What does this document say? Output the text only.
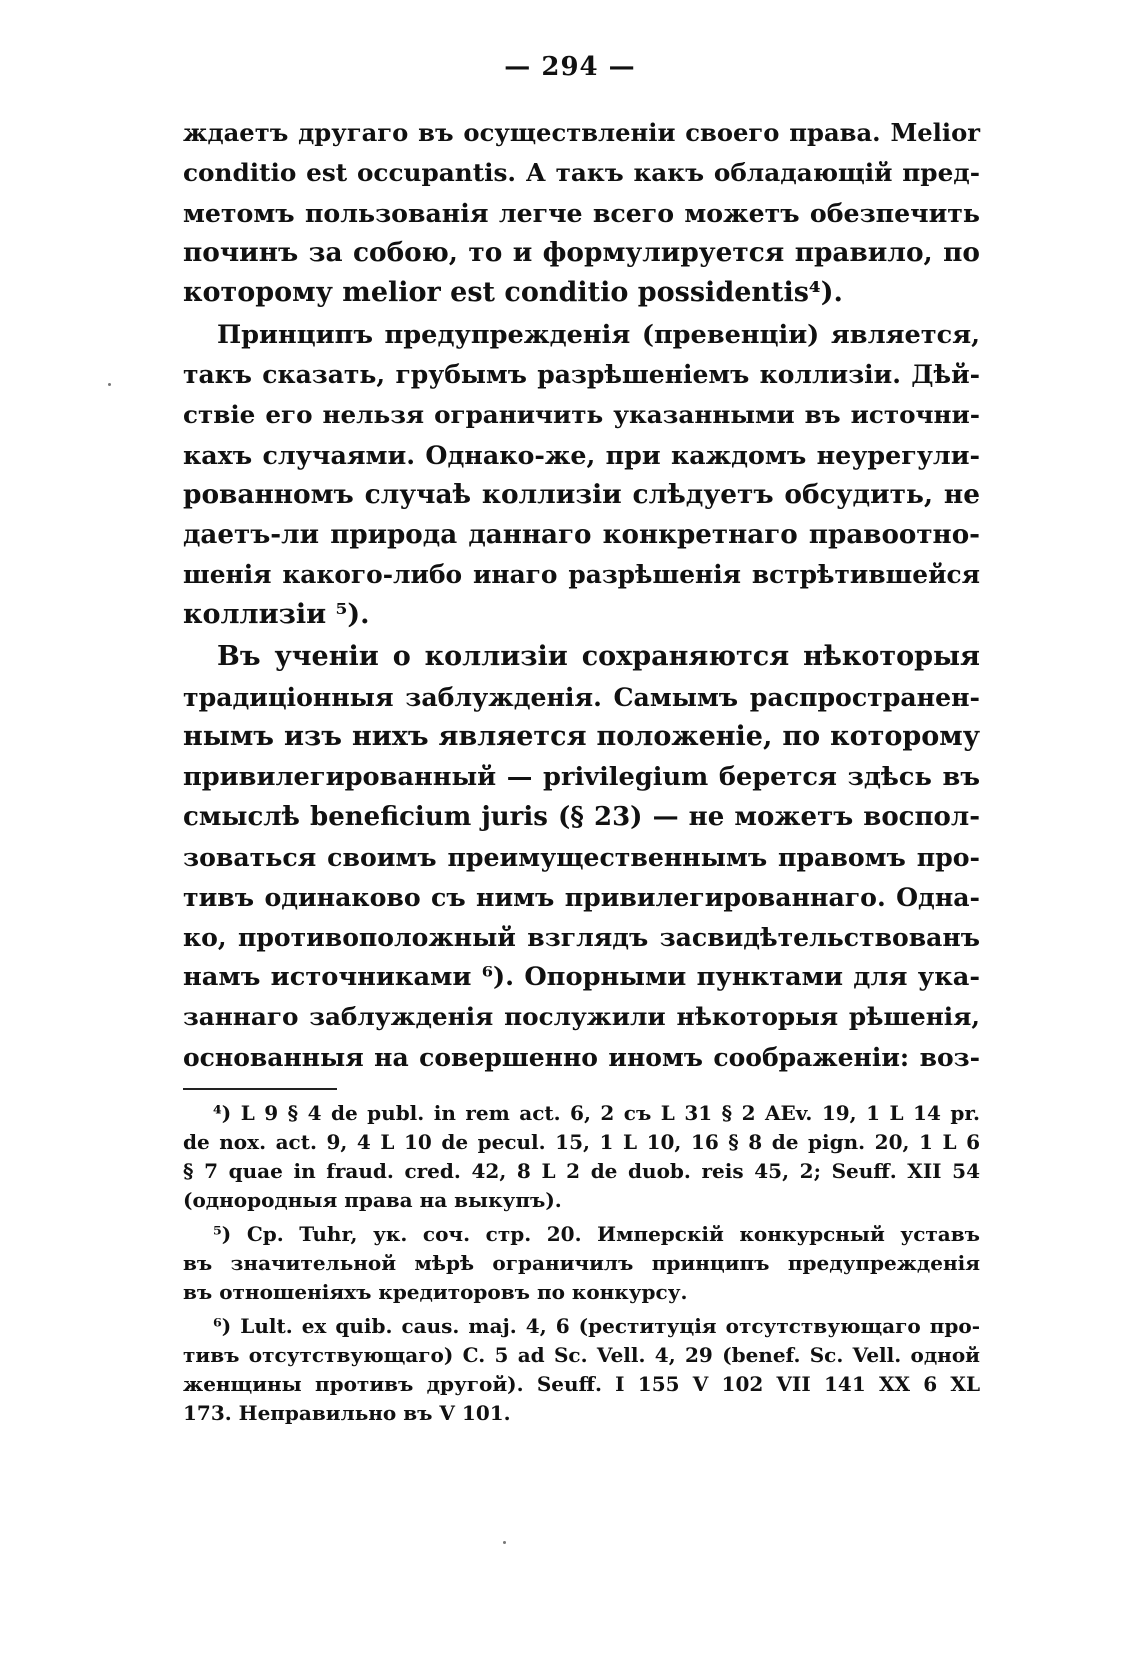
— 294 —
ждаетъ другаго въ осуществленіи своего права. Melior
conditio est occupantis. А такъ какъ обладающій пред-
метомъ пользованія легче всего можетъ обезпечить
починъ за собою, то и формулируется правило, по
которому melior est conditio possidentis⁴).
Принципъ предупрежденія (превенціи) является,
такъ сказать, грубымъ разрѣшеніемъ коллизіи. Дѣй-
ствіе его нельзя ограничить указанными въ источни-
кахъ случаями. Однако-же, при каждомъ неурегули-
рованномъ случаѣ коллизіи слѣдуетъ обсудить, не
даетъ-ли природа даннаго конкретнаго правоотно-
шенія какого-либо инаго разрѣшенія встрѣтившейся
коллизіи ⁵).
Въ ученіи о коллизіи сохраняются нѣкоторыя
традиціонныя заблужденія. Самымъ распространен-
нымъ изъ нихъ является положеніе, по которому
привилегированный — privilegium берется здѣсь въ
смыслѣ beneficium juris (§ 23) — не можетъ воспол-
зоваться своимъ преимущественнымъ правомъ про-
тивъ одинаково съ нимъ привилегированнаго. Одна-
ко, противоположный взглядъ засвидѣтельствованъ
намъ источниками ⁶). Опорными пунктами для ука-
заннаго заблужденія послужили нѣкоторыя рѣшенія,
основанныя на совершенно иномъ соображеніи: воз-
⁴) L 9 § 4 de publ. in rem act. 6, 2 съ L 31 § 2 AEv. 19, 1 L 14 pr.
de nox. act. 9, 4 L 10 de pecul. 15, 1 L 10, 16 § 8 de pign. 20, 1 L 6
§ 7 quae in fraud. cred. 42, 8 L 2 de duob. reis 45, 2; Seuff. XII 54
(однородныя права на выкупъ).
⁵) Ср. Tuhr, ук. соч. стр. 20. Имперскій конкурсный уставъ
въ значительной мѣрѣ ограничилъ принципъ предупрежденія
въ отношеніяхъ кредиторовъ по конкурсу.
⁶) Lult. ex quib. caus. maj. 4, 6 (реституція отсутствующаго про-
тивъ отсутствующаго) C. 5 ad Sc. Vell. 4, 29 (benef. Sc. Vell. одной
женщины противъ другой). Seuff. I 155 V 102 VII 141 XX 6 XL
173. Неправильно въ V 101.
